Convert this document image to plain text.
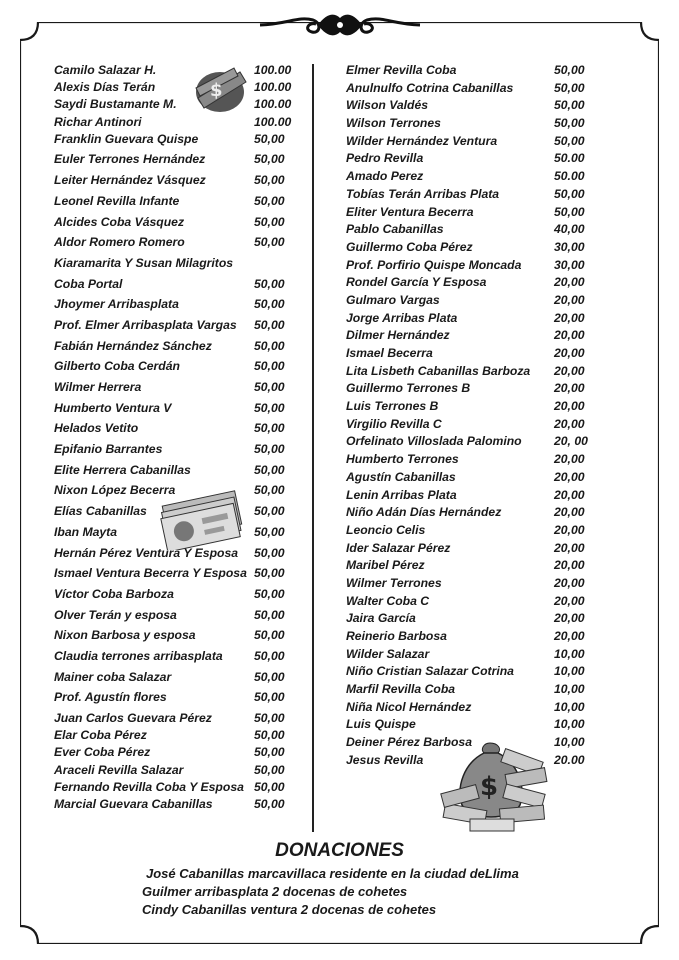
Camilo Salazar H.	100.00
Alexis Días Terán	100.00
Saydi Bustamante M.	100.00
Richar Antinori	100.00
Franklin Guevara Quispe	50,00
Euler Terrones Hernández	50,00
Leiter Hernández Vásquez	50,00
Leonel Revilla Infante	50,00
Alcides Coba Vásquez	50,00
Aldor Romero Romero	50,00
Kiaramarita Y Susan Milagritos
Coba Portal	50,00
Jhoymer Arribasplata	50,00
Prof. Elmer Arribasplata Vargas 50,00
Fabián Hernández Sánchez	50,00
Gilberto Coba Cerdán	50,00
Wilmer Herrera	50,00
Humberto Ventura V	50,00
Helados Vetito	50,00
Epifanio Barrantes	50,00
Elite Herrera Cabanillas	50,00
Nixon López Becerra	50,00
Elías Cabanillas	50,00
Iban Mayta	50,00
Hernán Pérez Ventura Y Esposa 50,00
Ismael Ventura Becerra Y Esposa 50,00
Víctor Coba Barboza	50,00
Olver Terán y esposa	50,00
Nixon Barbosa y esposa	50,00
Claudia terrones arribasplata	50,00
Mainer coba Salazar	50,00
Prof. Agustín flores	50,00
Juan Carlos Guevara Pérez	50,00
Elar Coba Pérez	50,00
Ever Coba Pérez	50,00
Araceli Revilla Salazar	50,00
Fernando Revilla Coba Y Esposa 50,00
Marcial Guevara Cabanillas	50,00
Elmer Revilla Coba	50,00
Anulnulfo Cotrina Cabanillas	50,00
Wilson Valdés	50,00
Wilson Terrones	50,00
Wilder Hernández Ventura	50,00
Pedro Revilla	50.00
Amado Perez	50.00
Tobías Terán Arribas Plata	50,00
Eliter Ventura Becerra	50,00
Pablo Cabanillas	40,00
Guillermo Coba Pérez	30,00
Prof. Porfirio Quispe Moncada	30,00
Rondel García Y Esposa	20,00
Gulmaro Vargas	20,00
Jorge Arribas Plata	20,00
Dilmer Hernández	20,00
Ismael Becerra	20,00
Lita Lisbeth Cabanillas Barboza 20,00
Guillermo Terrones B	20,00
Luis Terrones B	20,00
Virgilio Revilla C	20,00
Orfelinato Villoslada Palomino	20, 00
Humberto Terrones	20,00
Agustín Cabanillas	20,00
Lenin Arribas Plata	20,00
Niño Adán Días Hernández	20,00
Leoncio Celis	20,00
Ider Salazar Pérez	20,00
Maribel Pérez	20,00
Wilmer Terrones	20,00
Walter Coba C	20,00
Jaira García	20,00
Reinerio Barbosa	20,00
Wilder Salazar	10,00
Niño Cristian Salazar Cotrina	10,00
Marfil Revilla Coba	10,00
Niña Nicol Hernández	10,00
Luis Quispe	10,00
Deiner Pérez Barbosa	10,00
Jesus Revilla	20.00
$
$
DONACIONES
José Cabanillas marcavillaca residente en la ciudad deLlima
Guilmer arribasplata 2 docenas de cohetes
Cindy Cabanillas ventura 2 docenas de cohetes
